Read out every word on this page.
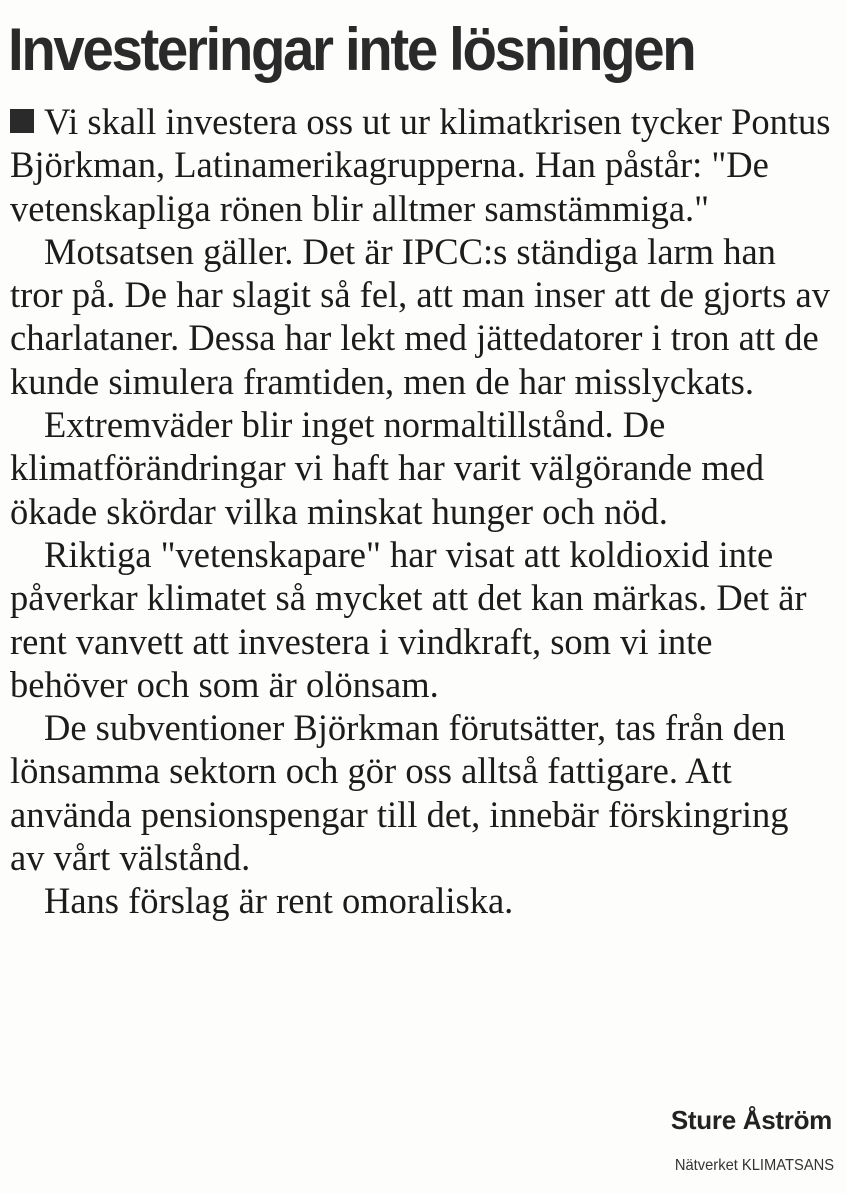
Investeringar inte lösningen

Vi skall investera oss ut ur klimatkrisen tycker Pontus Björkman, Latinamerikagrupperna. Han påstår: "De vetenskapliga rönen blir alltmer samstämmiga."

Motsatsen gäller. Det är IPCC:s ständiga larm han tror på. De har slagit så fel, att man inser att de gjorts av charlataner. Dessa har lekt med jättedatorer i tron att de kunde simulera framtiden, men de har misslyckats.

Extremväder blir inget normaltillstånd. De klimatförändringar vi haft har varit välgörande med ökade skördar vilka minskat hunger och nöd.

Riktiga "vetenskapare" har visat att koldioxid inte påverkar klimatet så mycket att det kan märkas. Det är rent vanvett att investera i vindkraft, som vi inte behöver och som är olönsam.

De subventioner Björkman förutsätter, tas från den lönsamma sektorn och gör oss alltså fattigare. Att använda pensionspengar till det, innebär förskingring av vårt välstånd.

Hans förslag är rent omoraliska.

Sture Åström

Nätverket KLIMATSANS
